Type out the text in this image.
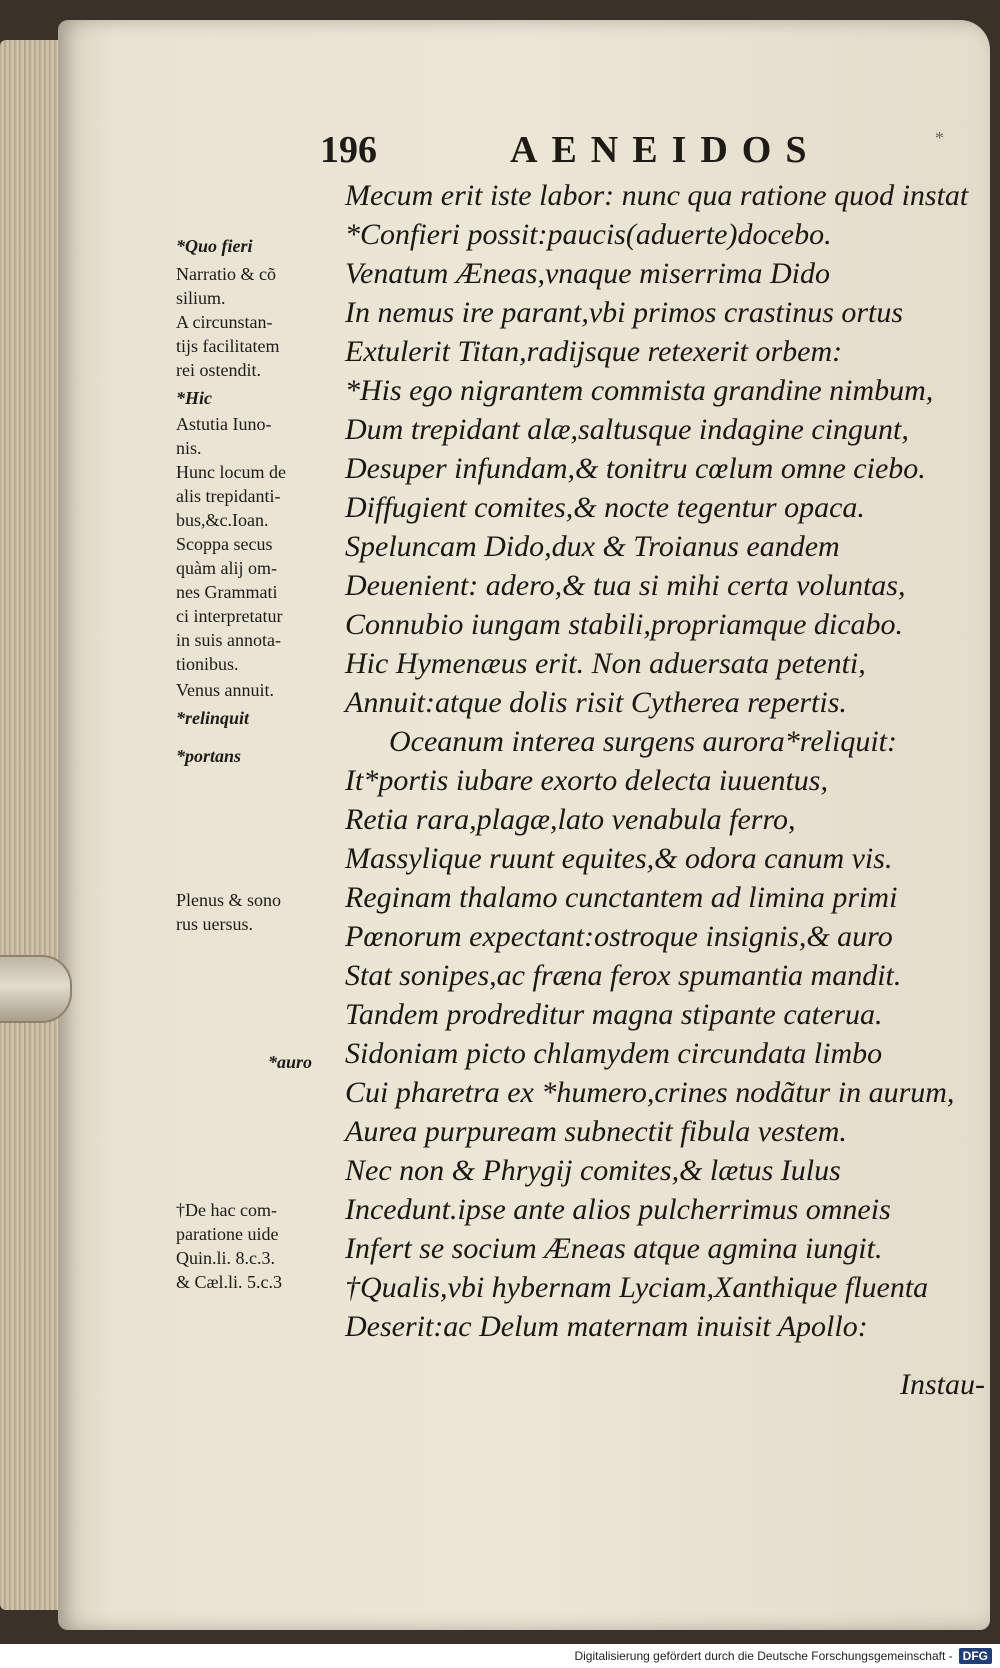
196	AENEIDOS	*
Mecum erit iste labor: nunc qua ratione quod instat
*Confieri possit:paucis(aduerte)docebo.
Venatum Æneas,vnaque miserrima Dido
In nemus ire parant,vbi primos crastinus ortus
Extulerit Titan,radijsque retexerit orbem:
*His ego nigrantem commista grandine nimbum,
Dum trepidant alæ,saltusque indagine cingunt,
Desuper infundam,& tonitru cœlum omne ciebo.
Diffugient comites,& nocte tegentur opaca.
Speluncam Dido,dux & Troianus eandem
Deuenient: adero,& tua si mihi certa voluntas,
Connubio iungam stabili,propriamque dicabo.
Hic Hymenæus erit. Non aduersata petenti,
Annuit:atque dolis risit Cytherea repertis.
Oceanum interea surgens aurora*reliquit:
It*portis iubare exorto delecta iuuentus,
Retia rara,plagæ,lato venabula ferro,
Massylique ruunt equites,& odora canum vis.
Reginam thalamo cunctantem ad limina primi
Pœnorum expectant:ostroque insignis,& auro
Stat sonipes,ac fræna ferox spumantia mandit.
Tandem prodreditur magna stipante caterua.
Sidoniam picto chlamydem circundata limbo
Cui pharetra ex *humero,crines nodãtur in aurum,
Aurea purpuream subnectit fibula vestem.
Nec non & Phrygij comites,& lætus Iulus
Incedunt.ipse ante alios pulcherrimus omneis
Infert se socium Æneas atque agmina iungit.
†Qualis,vbi hybernam Lyciam,Xanthique fluenta
Deserit:ac Delum maternam inuisit Apollo:
Instau-
*Quo fieri
Narratio & cõ
silium.
A circunstan-
tijs facilitatem
rei ostendit.
*Hic
Astutia Iuno-
nis.
Hunc locum de
alis trepidanti-
bus,&c.Ioan.
Scoppa secus
quàm alij om-
nes Grammati
ci interpretatur
in suis annota-
tionibus.
Venus annuit.
*relinquit
*portans
Plenus & sono
rus uersus.
*auro
†De hac com-
paratione uide
Quin.li. 8.c.3.
& Cæl.li. 5.c.3
Digitalisierung gefördert durch die Deutsche Forschungsgemeinschaft - DFG
